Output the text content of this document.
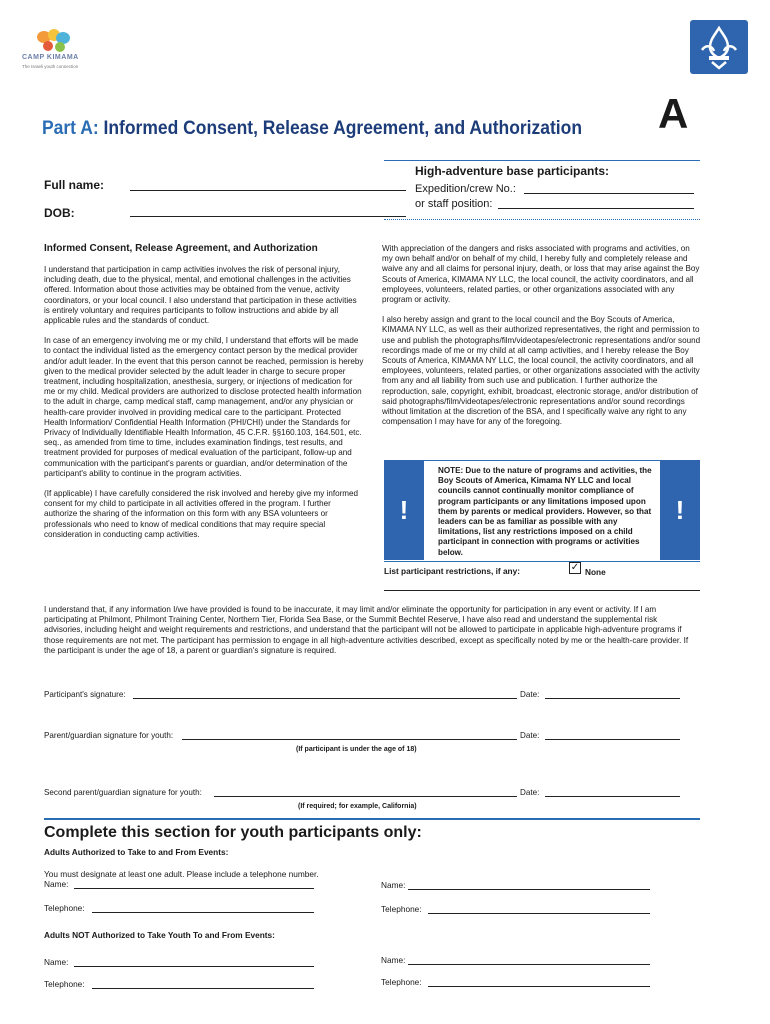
CAMP KIMAMA
The Israeli youth connection
Part A: Informed Consent, Release Agreement, and Authorization A
Full name:
DOB:
High-adventure base participants:
Expedition/crew No.:
or staff position:
Informed Consent, Release Agreement, and Authorization

I understand that participation in camp activities involves the risk of personal injury, including death, due to the physical, mental, and emotional challenges in the activities offered. Information about those activities may be obtained from the venue, activity coordinators, or your local council. I also understand that participation in these activities is entirely voluntary and requires participants to follow instructions and abide by all applicable rules and the standards of conduct.

In case of an emergency involving me or my child, I understand that efforts will be made to contact the individual listed as the emergency contact person by the medical provider and/or adult leader. In the event that this person cannot be reached, permission is hereby given to the medical provider selected by the adult leader in charge to secure proper treatment, including hospitalization, anesthesia, surgery, or injections of medication for me or my child. Medical providers are authorized to disclose protected health information to the adult in charge, camp medical staff, camp management, and/or any physician or health-care provider involved in providing medical care to the participant. Protected Health Information/ Confidential Health Information (PHI/CHI) under the Standards for Privacy of Individually Identifiable Health Information, 45 C.F.R. §§160.103, 164.501, etc. seq., as amended from time to time, includes examination findings, test results, and treatment provided for purposes of medical evaluation of the participant, follow-up and communication with the participant's parents or guardian, and/or determination of the participant's ability to continue in the program activities.

(If applicable) I have carefully considered the risk involved and hereby give my informed consent for my child to participate in all activities offered in the program. I further authorize the sharing of the information on this form with any BSA volunteers or professionals who need to know of medical conditions that may require special consideration in conducting camp activities.

With appreciation of the dangers and risks associated with programs and activities, on my own behalf and/or on behalf of my child, I hereby fully and completely release and waive any and all claims for personal injury, death, or loss that may arise against the Boy Scouts of America, KIMAMA NY LLC, the local council, the activity coordinators, and all employees, volunteers, related parties, or other organizations associated with any program or activity.

I also hereby assign and grant to the local council and the Boy Scouts of America, KIMAMA NY LLC, as well as their authorized representatives, the right and permission to use and publish the photographs/film/videotapes/electronic representations and/or sound recordings made of me or my child at all camp activities, and I hereby release the Boy Scouts of America, KIMAMA NY LLC, the local council, the activity coordinators, and all employees, volunteers, related parties, or other organizations associated with the activity from any and all liability from such use and publication. I further authorize the reproduction, sale, copyright, exhibit, broadcast, electronic storage, and/or distribution of said photographs/film/videotapes/electronic representations and/or sound recordings without limitation at the discretion of the BSA, and I specifically waive any right to any compensation I may have for any of the foregoing.

!	!
NOTE: Due to the nature of programs and activities, the Boy Scouts of America, Kimama NY LLC and local councils cannot continually monitor compliance of program participants or any limitations imposed upon them by parents or medical providers. However, so that leaders can be as familiar as possible with any limitations, list any restrictions imposed on a child participant in connection with programs or activities below.
List participant restrictions, if any:	✓ None

I understand that, if any information I/we have provided is found to be inaccurate, it may limit and/or eliminate the opportunity for participation in any event or activity. If I am participating at Philmont, Philmont Training Center, Northern Tier, Florida Sea Base, or the Summit Bechtel Reserve, I have also read and understand the supplemental risk advisories, including height and weight requirements and restrictions, and understand that the participant will not be allowed to participate in applicable high-adventure programs if those requirements are not met. The participant has permission to engage in all high-adventure activities described, except as specifically noted by me or the health-care provider. If the participant is under the age of 18, a parent or guardian's signature is required.

Participant's signature:	Date:
Parent/guardian signature for youth:	Date:
(If participant is under the age of 18)
Second parent/guardian signature for youth:	Date:
(If required; for example, California)
Complete this section for youth participants only:
Adults Authorized to Take to and From Events:
You must designate at least one adult. Please include a telephone number.
Name:	Name:
Telephone:	Telephone:
Adults NOT Authorized to Take Youth To and From Events:
Name:	Name:
Telephone:	Telephone:
